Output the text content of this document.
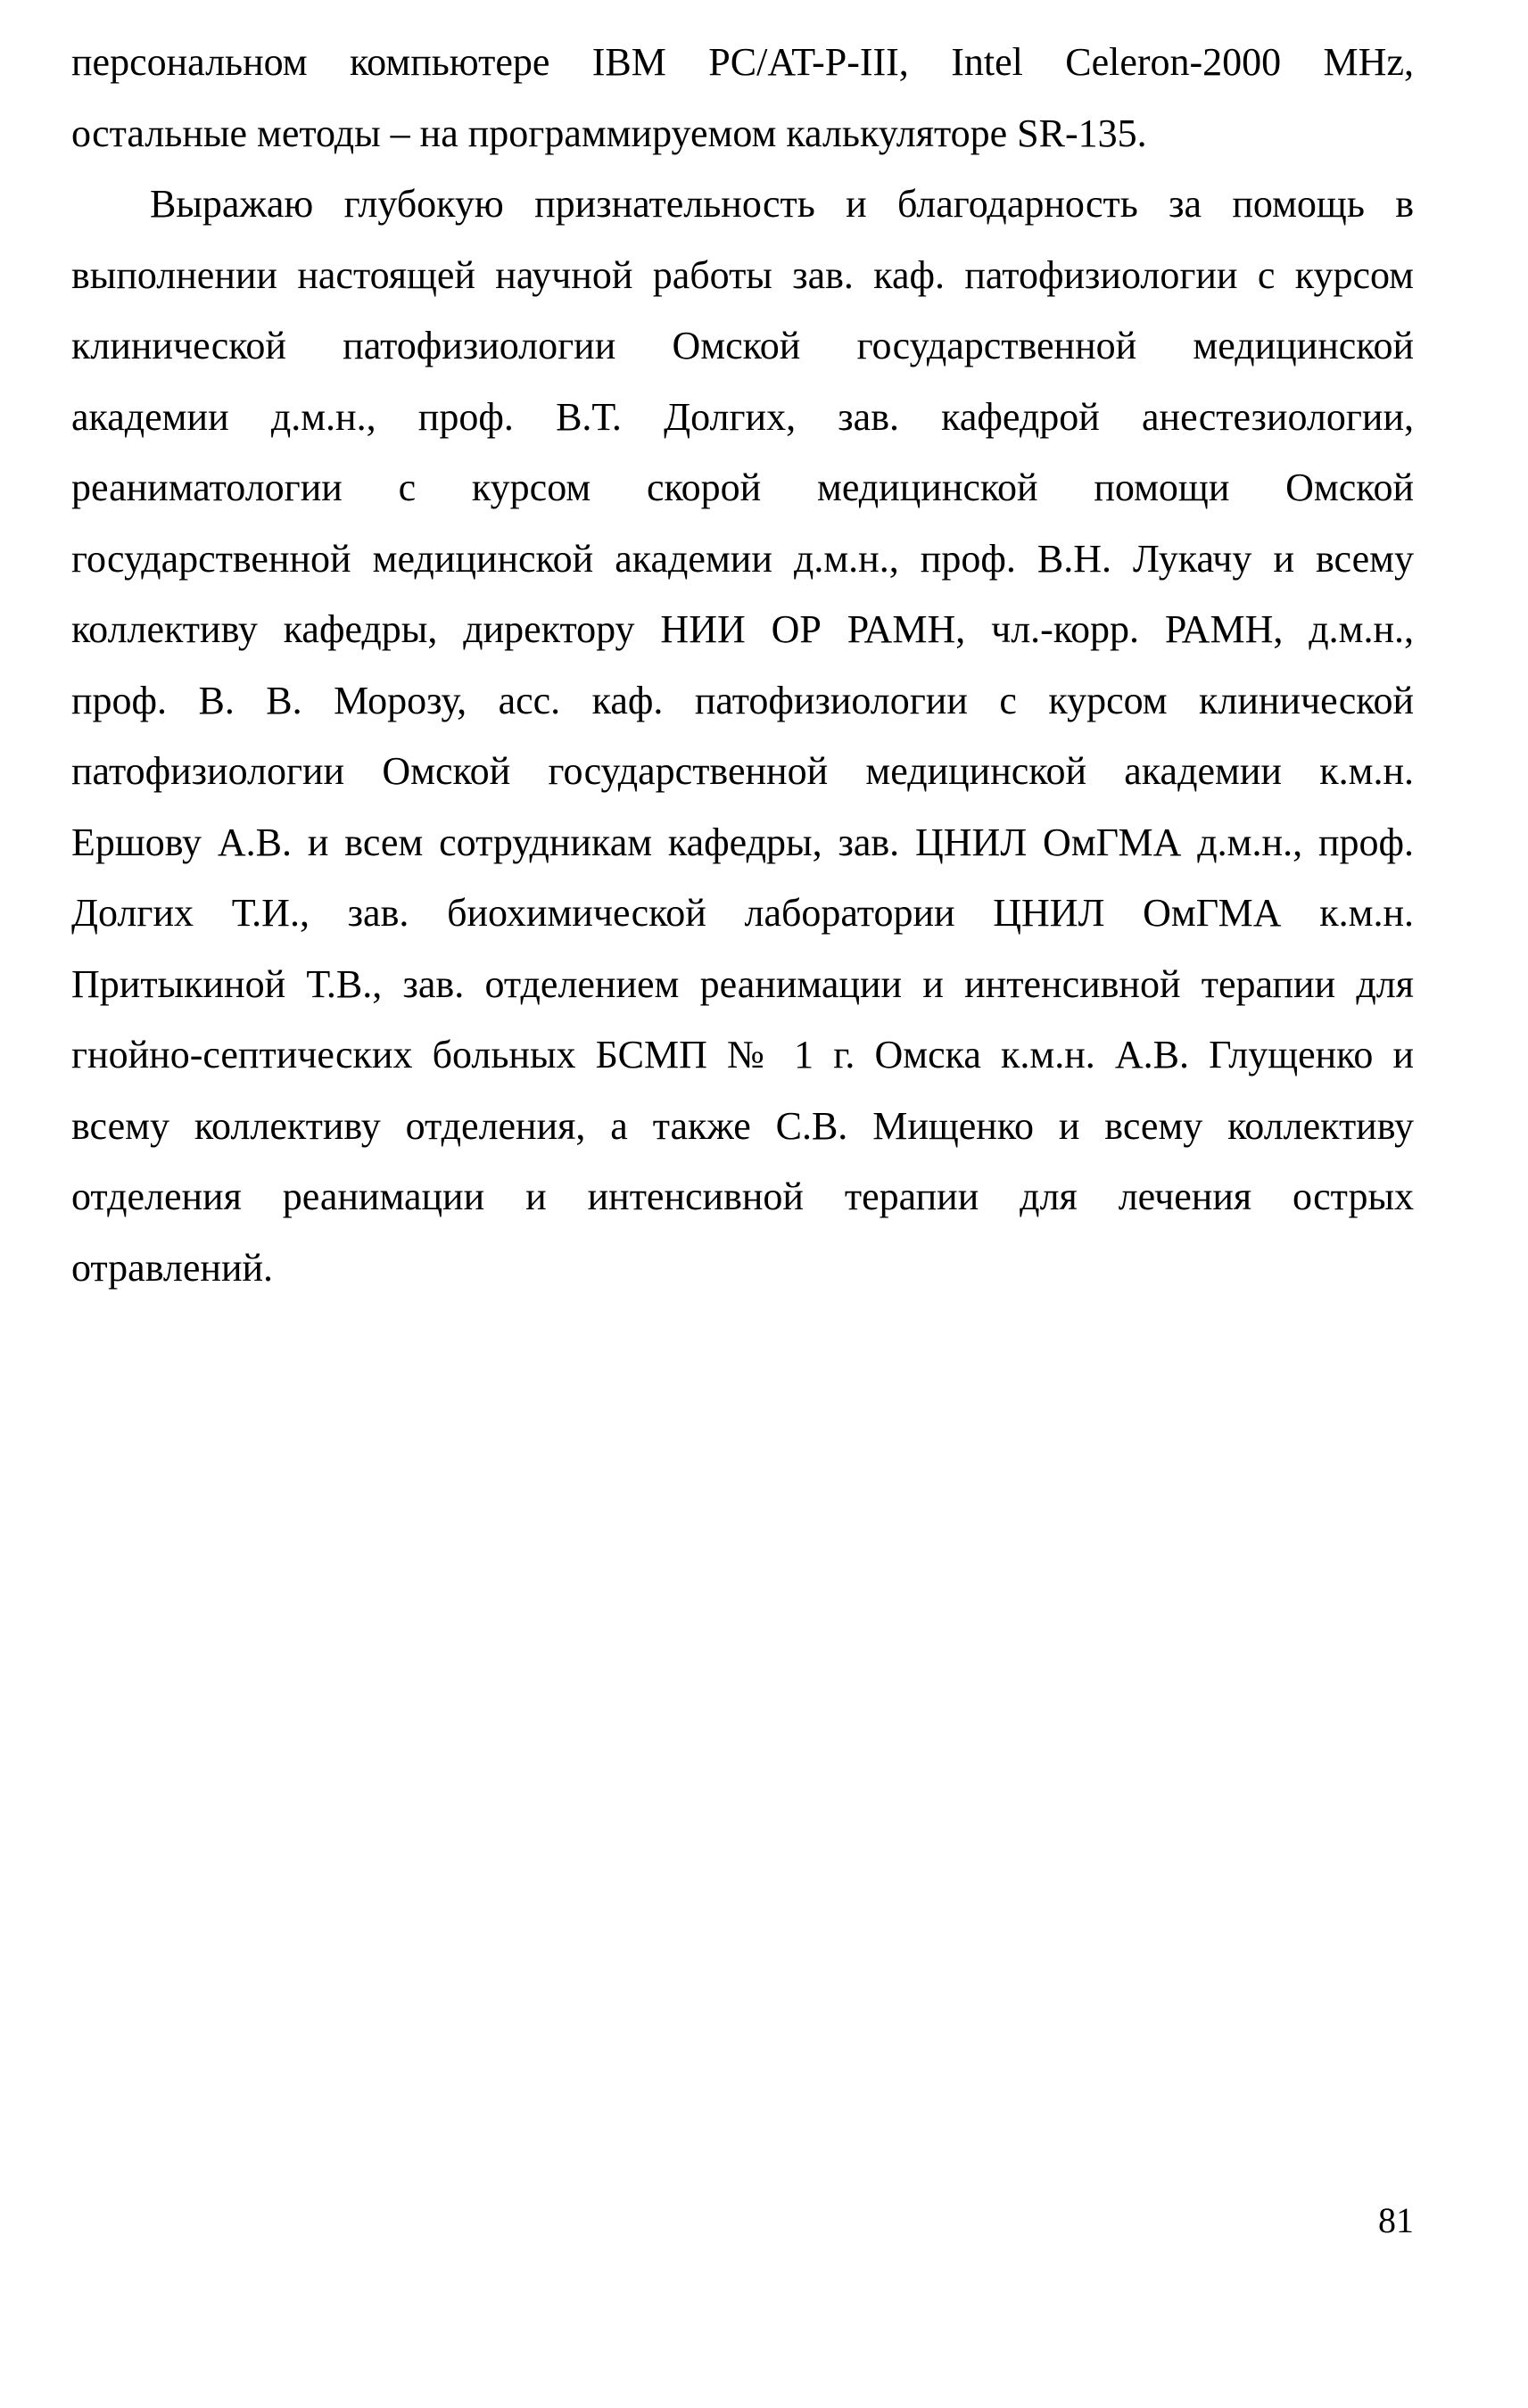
персональном компьютере IBM PC/AT-P-III, Intel Celeron-2000 MHz,
остальные методы – на программируемом калькуляторе SR-135.
Выражаю глубокую признательность и благодарность за помощь в
выполнении настоящей научной работы зав. каф. патофизиологии с курсом
клинической патофизиологии Омской государственной медицинской
академии д.м.н., проф. В.Т. Долгих, зав. кафедрой анестезиологии,
реаниматологии с курсом скорой медицинской помощи Омской
государственной медицинской академии д.м.н., проф. В.Н. Лукачу и всему
коллективу кафедры, директору НИИ ОР РАМН, чл.-корр. РАМН, д.м.н.,
проф. В. В. Морозу, асс. каф. патофизиологии с курсом клинической
патофизиологии Омской государственной медицинской академии к.м.н.
Ершову А.В. и всем сотрудникам кафедры, зав. ЦНИЛ ОмГМА д.м.н., проф.
Долгих Т.И., зав. биохимической лаборатории ЦНИЛ ОмГМА к.м.н.
Притыкиной Т.В., зав. отделением реанимации и интенсивной терапии для
гнойно-септических больных БСМП № 1 г. Омска к.м.н. А.В. Глущенко и
всему коллективу отделения, а также С.В. Мищенко и всему коллективу
отделения реанимации и интенсивной терапии для лечения острых
отравлений.
81
